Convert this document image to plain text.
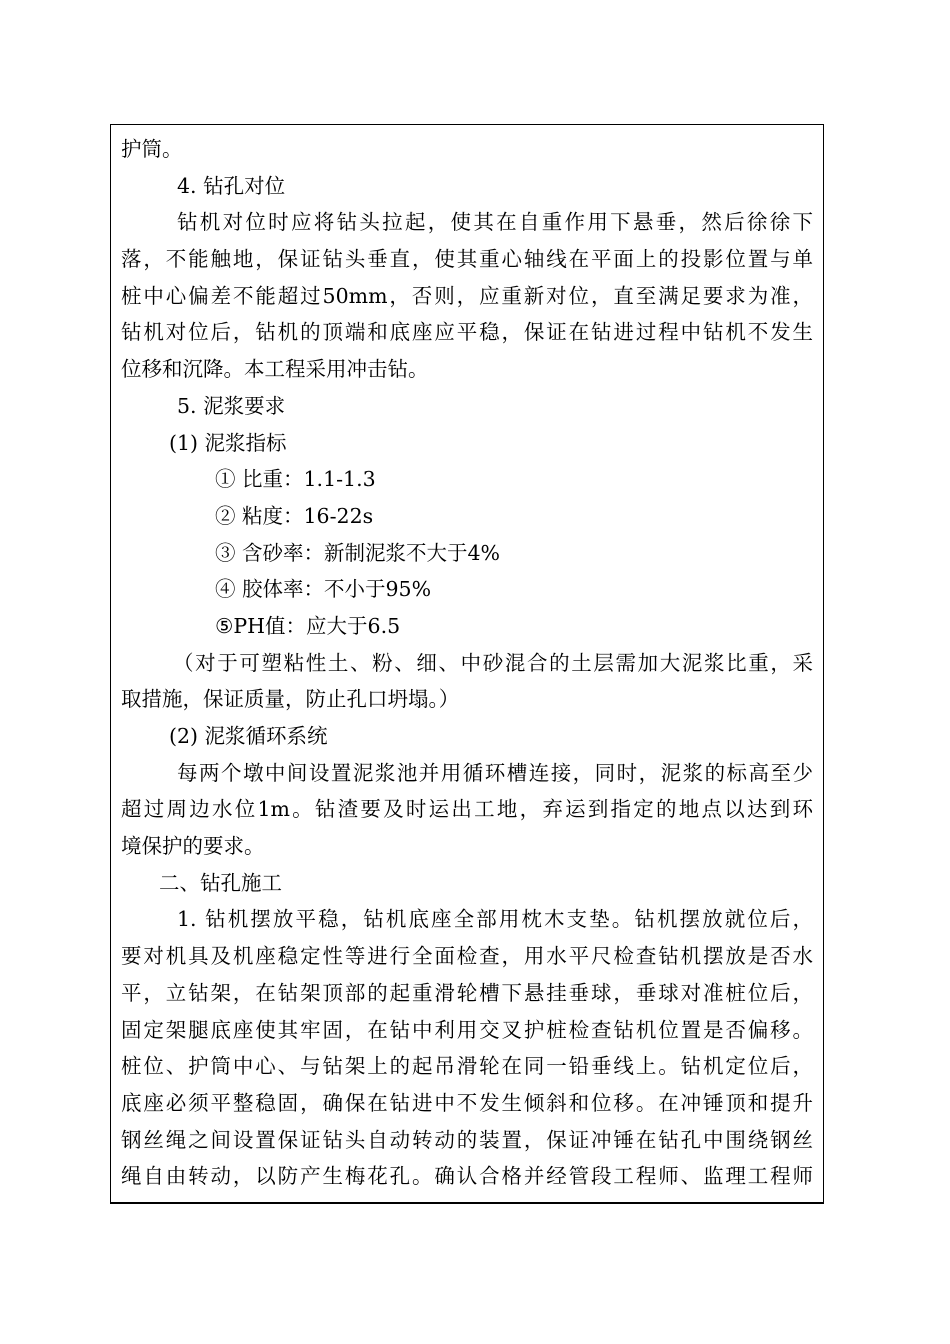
护筒。
4. 钻孔对位
钻机对位时应将钻头拉起，使其在自重作用下悬垂，然后徐徐下
落，不能触地，保证钻头垂直，使其重心轴线在平面上的投影位置与单
桩中心偏差不能超过50mm，否则，应重新对位，直至满足要求为准，
钻机对位后，钻机的顶端和底座应平稳，保证在钻进过程中钻机不发生
位移和沉降。本工程采用冲击钻。
5. 泥浆要求
(1) 泥浆指标
① 比重：1.1-1.3
② 粘度：16-22s
③ 含砂率：新制泥浆不大于4%
④ 胶体率：不小于95%
⑤PH值：应大于6.5
（对于可塑粘性土、粉、细、中砂混合的土层需加大泥浆比重，采
取措施，保证质量，防止孔口坍塌。）
(2) 泥浆循环系统
每两个墩中间设置泥浆池并用循环槽连接，同时，泥浆的标高至少
超过周边水位1m。钻渣要及时运出工地，弃运到指定的地点以达到环
境保护的要求。
二、钻孔施工
1. 钻机摆放平稳，钻机底座全部用枕木支垫。钻机摆放就位后，
要对机具及机座稳定性等进行全面检查，用水平尺检查钻机摆放是否水
平，立钻架，在钻架顶部的起重滑轮槽下悬挂垂球，垂球对准桩位后，
固定架腿底座使其牢固，在钻中利用交叉护桩检查钻机位置是否偏移。
桩位、护筒中心、与钻架上的起吊滑轮在同一铅垂线上。钻机定位后，
底座必须平整稳固，确保在钻进中不发生倾斜和位移。在冲锤顶和提升
钢丝绳之间设置保证钻头自动转动的装置，保证冲锤在钻孔中围绕钢丝
绳自由转动，以防产生梅花孔。确认合格并经管段工程师、监理工程师
